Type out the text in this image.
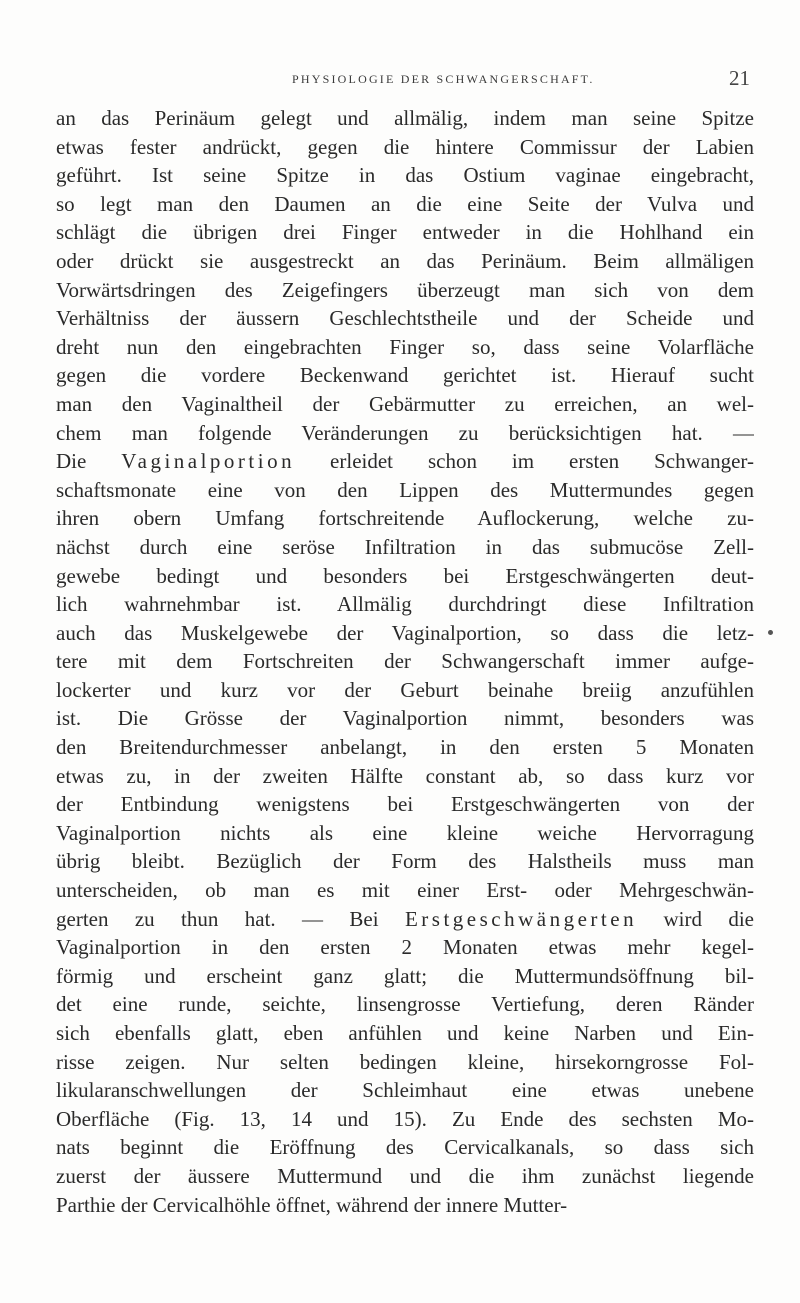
PHYSIOLOGIE DER SCHWANGERSCHAFT.	21
an das Perinäum gelegt und allmälig, indem man seine Spitze
etwas fester andrückt, gegen die hintere Commissur der Labien
geführt. Ist seine Spitze in das Ostium vaginae eingebracht,
so legt man den Daumen an die eine Seite der Vulva und
schlägt die übrigen drei Finger entweder in die Hohlhand ein
oder drückt sie ausgestreckt an das Perinäum. Beim allmäligen
Vorwärtsdringen des Zeigefingers überzeugt man sich von dem
Verhältniss der äussern Geschlechtstheile und der Scheide und
dreht nun den eingebrachten Finger so, dass seine Volarfläche
gegen die vordere Beckenwand gerichtet ist. Hierauf sucht
man den Vaginaltheil der Gebärmutter zu erreichen, an wel-
chem man folgende Veränderungen zu berücksichtigen hat. —
Die Vaginalportion erleidet schon im ersten Schwanger-
schaftsmonate eine von den Lippen des Muttermundes gegen
ihren obern Umfang fortschreitende Auflockerung, welche zu-
nächst durch eine seröse Infiltration in das submucöse Zell-
gewebe bedingt und besonders bei Erstgeschwängerten deut-
lich wahrnehmbar ist. Allmälig durchdringt diese Infiltration
auch das Muskelgewebe der Vaginalportion, so dass die letz-
tere mit dem Fortschreiten der Schwangerschaft immer aufge-
lockerter und kurz vor der Geburt beinahe breiig anzufühlen
ist. Die Grösse der Vaginalportion nimmt, besonders was
den Breitendurchmesser anbelangt, in den ersten 5 Monaten
etwas zu, in der zweiten Hälfte constant ab, so dass kurz vor
der Entbindung wenigstens bei Erstgeschwängerten von der
Vaginalportion nichts als eine kleine weiche Hervorragung
übrig bleibt. Bezüglich der Form des Halstheils muss man
unterscheiden, ob man es mit einer Erst- oder Mehrgeschwän-
gerten zu thun hat. — Bei Erstgeschwängerten wird die
Vaginalportion in den ersten 2 Monaten etwas mehr kegel-
förmig und erscheint ganz glatt; die Muttermundsöffnung bil-
det eine runde, seichte, linsengrosse Vertiefung, deren Ränder
sich ebenfalls glatt, eben anfühlen und keine Narben und Ein-
risse zeigen. Nur selten bedingen kleine, hirsekorngrosse Fol-
likularanschwellungen der Schleimhaut eine etwas unebene
Oberfläche (Fig. 13, 14 und 15). Zu Ende des sechsten Mo-
nats beginnt die Eröffnung des Cervicalkanals, so dass sich
zuerst der äussere Muttermund und die ihm zunächst liegende
Parthie der Cervicalhöhle öffnet, während der innere Mutter-
